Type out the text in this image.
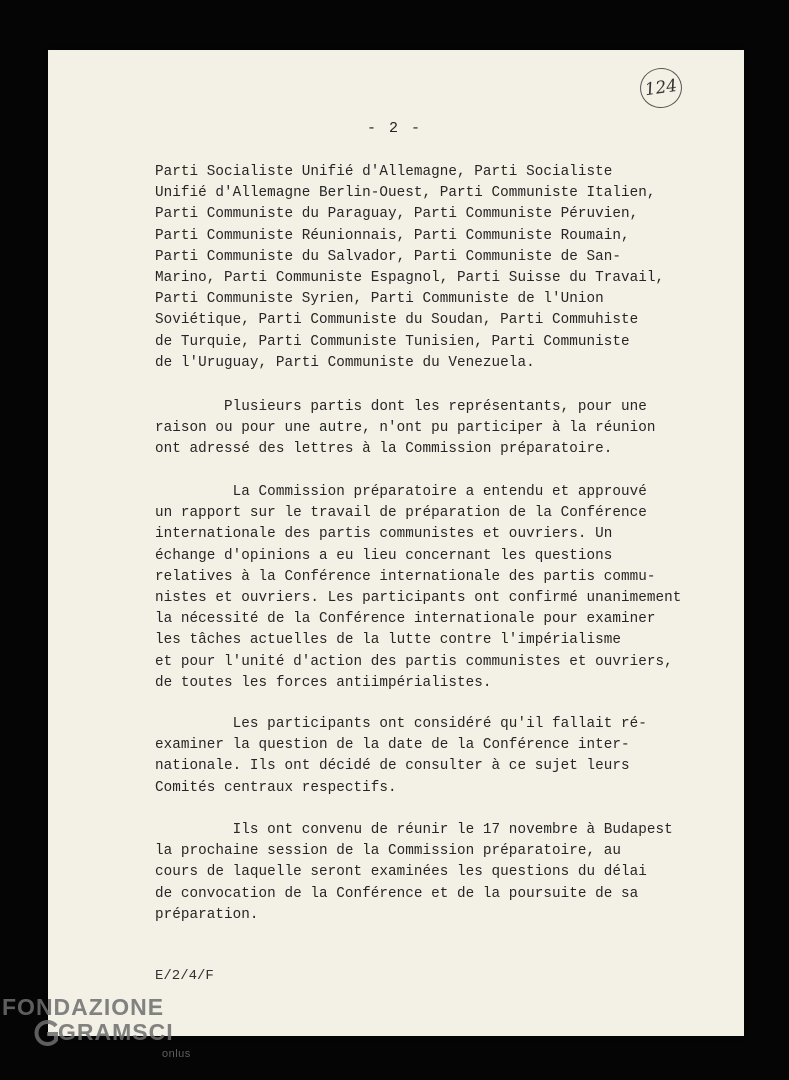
124
- 2 -
Parti Socialiste Unifié d'Allemagne, Parti Socialiste
Unifié d'Allemagne Berlin-Ouest, Parti Communiste Italien,
Parti Communiste du Paraguay, Parti Communiste Péruvien,
Parti Communiste Réunionnais, Parti Communiste Roumain,
Parti Communiste du Salvador, Parti Communiste de San-
Marino, Parti Communiste Espagnol, Parti Suisse du Travail,
Parti Communiste Syrien, Parti Communiste de l'Union
Soviétique, Parti Communiste du Soudan, Parti Commuhiste
de Turquie, Parti Communiste Tunisien, Parti Communiste
de l'Uruguay, Parti Communiste du Venezuela.
Plusieurs partis dont les représentants, pour une
raison ou pour une autre, n'ont pu participer à la réunion
ont adressé des lettres à la Commission préparatoire.
La Commission préparatoire a entendu et approuvé
un rapport sur le travail de préparation de la Conférence
internationale des partis communistes et ouvriers. Un
échange d'opinions a eu lieu concernant les questions
relatives à la Conférence internationale des partis commu-
nistes et ouvriers. Les participants ont confirmé unanimement
la nécessité de la Conférence internationale pour examiner
les tâches actuelles de la lutte contre l'impérialisme
et pour l'unité d'action des partis communistes et ouvriers,
de toutes les forces antiimpérialistes.
Les participants ont considéré qu'il fallait ré-
examiner la question de la date de la Conférence inter-
nationale. Ils ont décidé de consulter à ce sujet leurs
Comités centraux respectifs.
Ils ont convenu de réunir le 17 novembre à Budapest
la prochaine session de la Commission préparatoire, au
cours de laquelle seront examinées les questions du délai
de convocation de la Conférence et de la poursuite de sa
préparation.
E/2/4/F
FONDAZIONE
GRAMSCI
onlus
